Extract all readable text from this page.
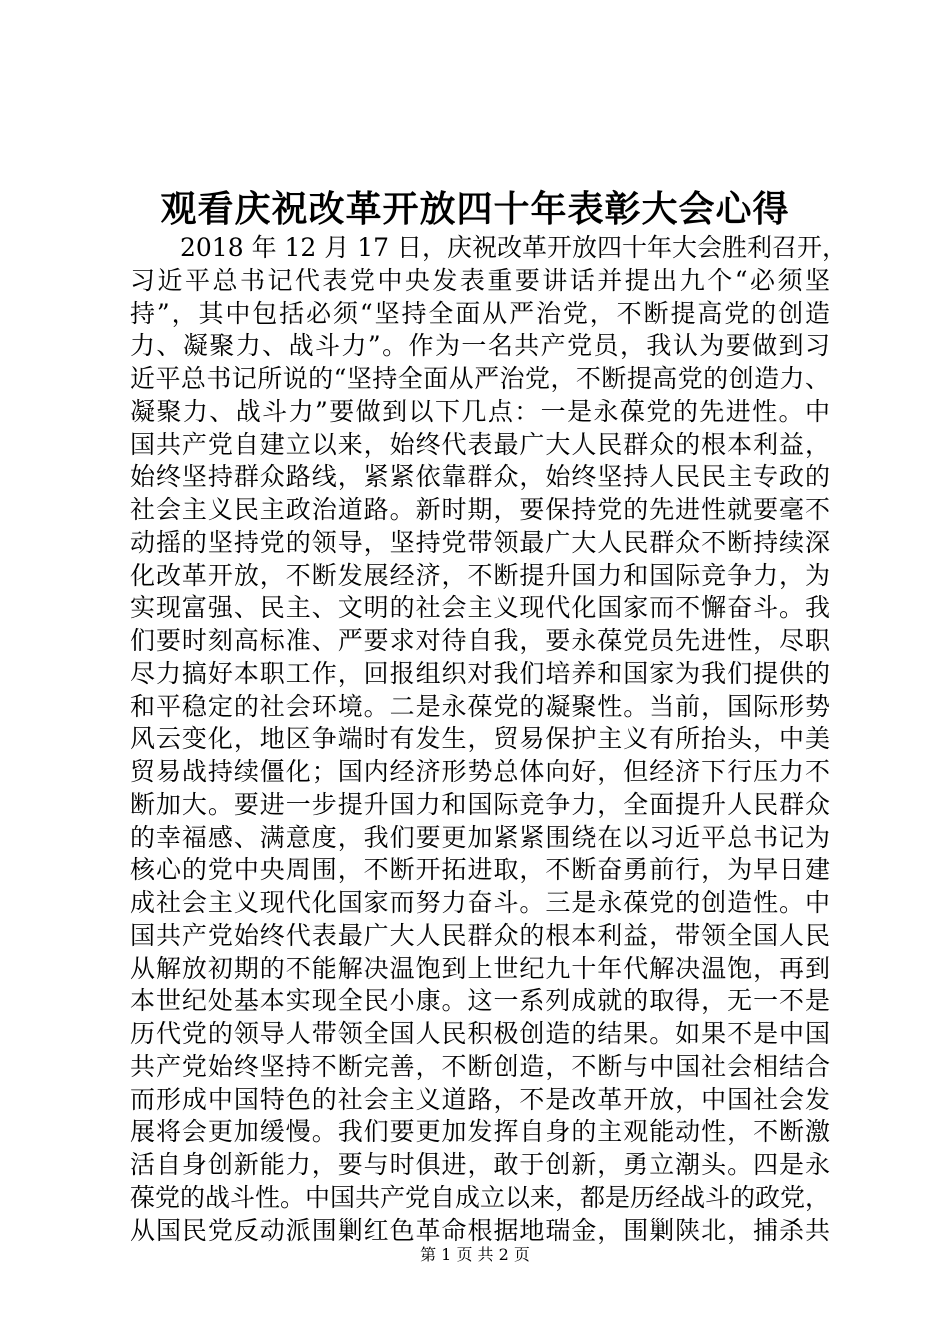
观看庆祝改革开放四十年表彰大会心得
2018 年 12 月 17 日，庆祝改革开放四十年大会胜利召开，
习近平总书记代表党中央发表重要讲话并提出九个“必须坚
持”，其中包括必须“坚持全面从严治党，不断提高党的创造
力、凝聚力、战斗力”。作为一名共产党员，我认为要做到习
近平总书记所说的“坚持全面从严治党，不断提高党的创造力、
凝聚力、战斗力”要做到以下几点：一是永葆党的先进性。中
国共产党自建立以来，始终代表最广大人民群众的根本利益，
始终坚持群众路线，紧紧依靠群众，始终坚持人民民主专政的
社会主义民主政治道路。新时期，要保持党的先进性就要毫不
动摇的坚持党的领导，坚持党带领最广大人民群众不断持续深
化改革开放，不断发展经济，不断提升国力和国际竞争力，为
实现富强、民主、文明的社会主义现代化国家而不懈奋斗。我
们要时刻高标准、严要求对待自我，要永葆党员先进性，尽职
尽力搞好本职工作，回报组织对我们培养和国家为我们提供的
和平稳定的社会环境。二是永葆党的凝聚性。当前，国际形势
风云变化，地区争端时有发生，贸易保护主义有所抬头，中美
贸易战持续僵化；国内经济形势总体向好，但经济下行压力不
断加大。要进一步提升国力和国际竞争力，全面提升人民群众
的幸福感、满意度，我们要更加紧紧围绕在以习近平总书记为
核心的党中央周围，不断开拓进取，不断奋勇前行，为早日建
成社会主义现代化国家而努力奋斗。三是永葆党的创造性。中
国共产党始终代表最广大人民群众的根本利益，带领全国人民
从解放初期的不能解决温饱到上世纪九十年代解决温饱，再到
本世纪处基本实现全民小康。这一系列成就的取得，无一不是
历代党的领导人带领全国人民积极创造的结果。如果不是中国
共产党始终坚持不断完善，不断创造，不断与中国社会相结合
而形成中国特色的社会主义道路，不是改革开放，中国社会发
展将会更加缓慢。我们要更加发挥自身的主观能动性，不断激
活自身创新能力，要与时俱进，敢于创新，勇立潮头。四是永
葆党的战斗性。中国共产党自成立以来，都是历经战斗的政党，
从国民党反动派围剿红色革命根据地瑞金，围剿陕北，捕杀共
第 1 页 共 2 页
